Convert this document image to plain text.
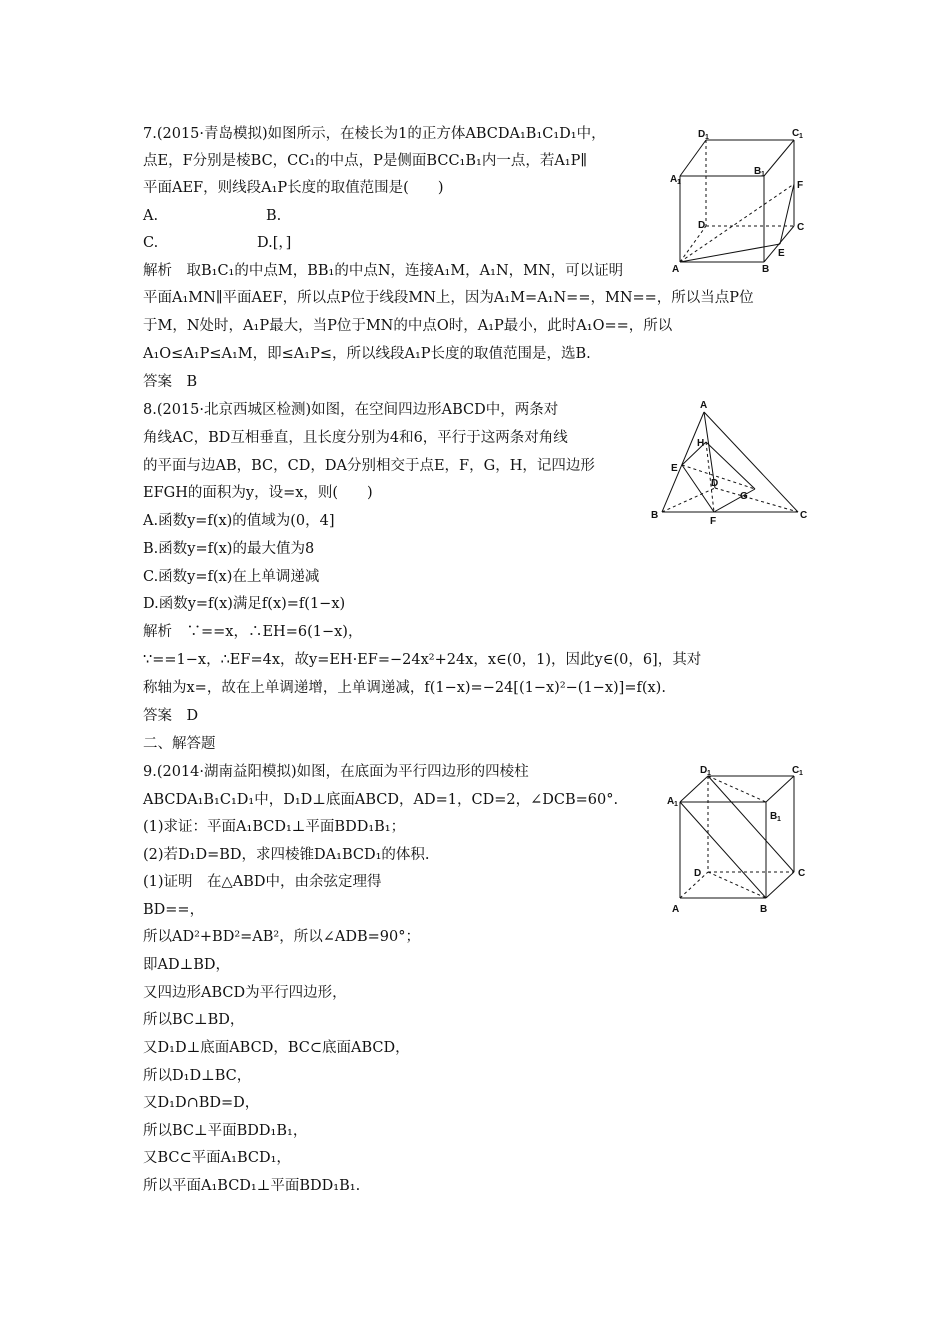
7.(2015·青岛模拟)如图所示，在棱长为1的正方体ABCDA₁B₁C₁D₁中，
点E，F分别是棱BC，CC₁的中点，P是侧面BCC₁B₁内一点，若A₁P∥
平面AEF，则线段A₁P长度的取值范围是(　　)
A.	B.
C.	D.[，]
解析　取B₁C₁的中点M，BB₁的中点N，连接A₁M，A₁N，MN，可以证明
平面A₁MN∥平面AEF，所以点P位于线段MN上，因为A₁M=A₁N==，MN==，所以当点P位
于M，N处时，A₁P最大，当P位于MN的中点O时，A₁P最小，此时A₁O==，所以
A₁O≤A₁P≤A₁M，即≤A₁P≤，所以线段A₁P长度的取值范围是，选B.
答案　B
D 1	C 1
B 1
A 1	F
D	C
E
A	B
8.(2015·北京西城区检测)如图，在空间四边形ABCD中，两条对
角线AC，BD互相垂直，且长度分别为4和6，平行于这两条对角线
的平面与边AB，BC，CD，DA分别相交于点E，F，G，H，记四边形
EFGH的面积为y，设=x，则(　　)
A.函数y=f(x)的值域为(0，4]
B.函数y=f(x)的最大值为8
C.函数y=f(x)在上单调递减
D.函数y=f(x)满足f(x)=f(1−x)
解析　∵==x，∴EH=6(1−x)，
∵==1−x，∴EF=4x，故y=EH·EF=−24x²+24x，x∈(0，1)，因此y∈(0，6]，其对
称轴为x=，故在上单调递增，上单调递减，f(1−x)=−24[(1−x)²−(1−x)]=f(x).
答案　D
A
H
E
D
G
B
F
C
二、解答题
9.(2014·湖南益阳模拟)如图，在底面为平行四边形的四棱柱
ABCDA₁B₁C₁D₁中，D₁D⊥底面ABCD，AD=1，CD=2，∠DCB=60°.
(1)求证：平面A₁BCD₁⊥平面BDD₁B₁；
(2)若D₁D=BD，求四棱锥DA₁BCD₁的体积.
(1)证明　在△ABD中，由余弦定理得
BD==，
所以AD²+BD²=AB²，所以∠ADB=90°；
即AD⊥BD，
又四边形ABCD为平行四边形，
所以BC⊥BD，
又D₁D⊥底面ABCD，BC⊂底面ABCD，
所以D₁D⊥BC，
又D₁D∩BD=D，
所以BC⊥平面BDD₁B₁，
又BC⊂平面A₁BCD₁，
所以平面A₁BCD₁⊥平面BDD₁B₁.
D 1	C 1
A 1
B 1
D	C
A	B
